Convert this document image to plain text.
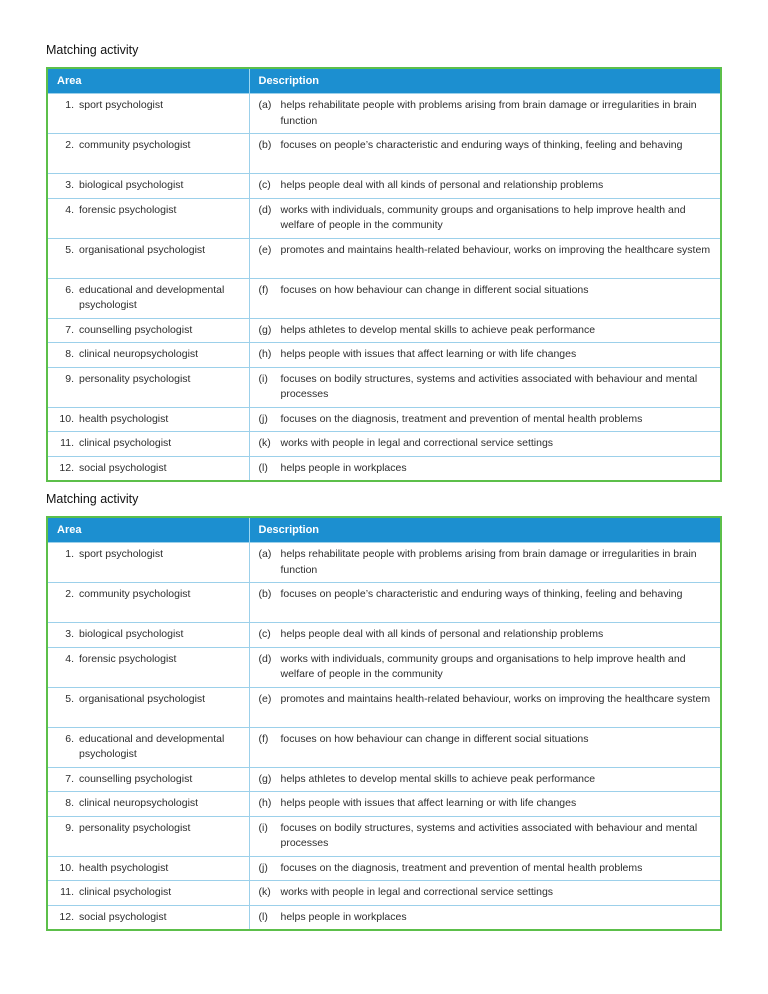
Matching activity
Area	Description

1. sport psychologist	(a) helps rehabilitate people with problems arising from brain damage or irregularities in brain function

2. community psychologist	(b) focuses on people’s characteristic and enduring ways of thinking, feeling and behaving

3. biological psychologist	(c) helps people deal with all kinds of personal and relationship problems

4. forensic psychologist	(d) works with individuals, community groups and organisations to help improve health and welfare of people in the community

5. organisational psychologist	(e) promotes and maintains health-related behaviour, works on improving the healthcare system

6. educational and developmental psychologist	(f) focuses on how behaviour can change in different social situations

7. counselling psychologist	(g) helps athletes to develop mental skills to achieve peak performance

8. clinical neuropsychologist	(h) helps people with issues that affect learning or with life changes

9. personality psychologist	(i) focuses on bodily structures, systems and activities associated with behaviour and mental processes

10. health psychologist	(j) focuses on the diagnosis, treatment and prevention of mental health problems

11. clinical psychologist	(k) works with people in legal and correctional service settings

12. social psychologist	(l) helps people in workplaces
Matching activity
Area	Description

1. sport psychologist	(a) helps rehabilitate people with problems arising from brain damage or irregularities in brain function

2. community psychologist	(b) focuses on people’s characteristic and enduring ways of thinking, feeling and behaving

3. biological psychologist	(c) helps people deal with all kinds of personal and relationship problems

4. forensic psychologist	(d) works with individuals, community groups and organisations to help improve health and welfare of people in the community

5. organisational psychologist	(e) promotes and maintains health-related behaviour, works on improving the healthcare system

6. educational and developmental psychologist	(f) focuses on how behaviour can change in different social situations

7. counselling psychologist	(g) helps athletes to develop mental skills to achieve peak performance

8. clinical neuropsychologist	(h) helps people with issues that affect learning or with life changes

9. personality psychologist	(i) focuses on bodily structures, systems and activities associated with behaviour and mental processes

10. health psychologist	(j) focuses on the diagnosis, treatment and prevention of mental health problems

11. clinical psychologist	(k) works with people in legal and correctional service settings

12. social psychologist	(l) helps people in workplaces
